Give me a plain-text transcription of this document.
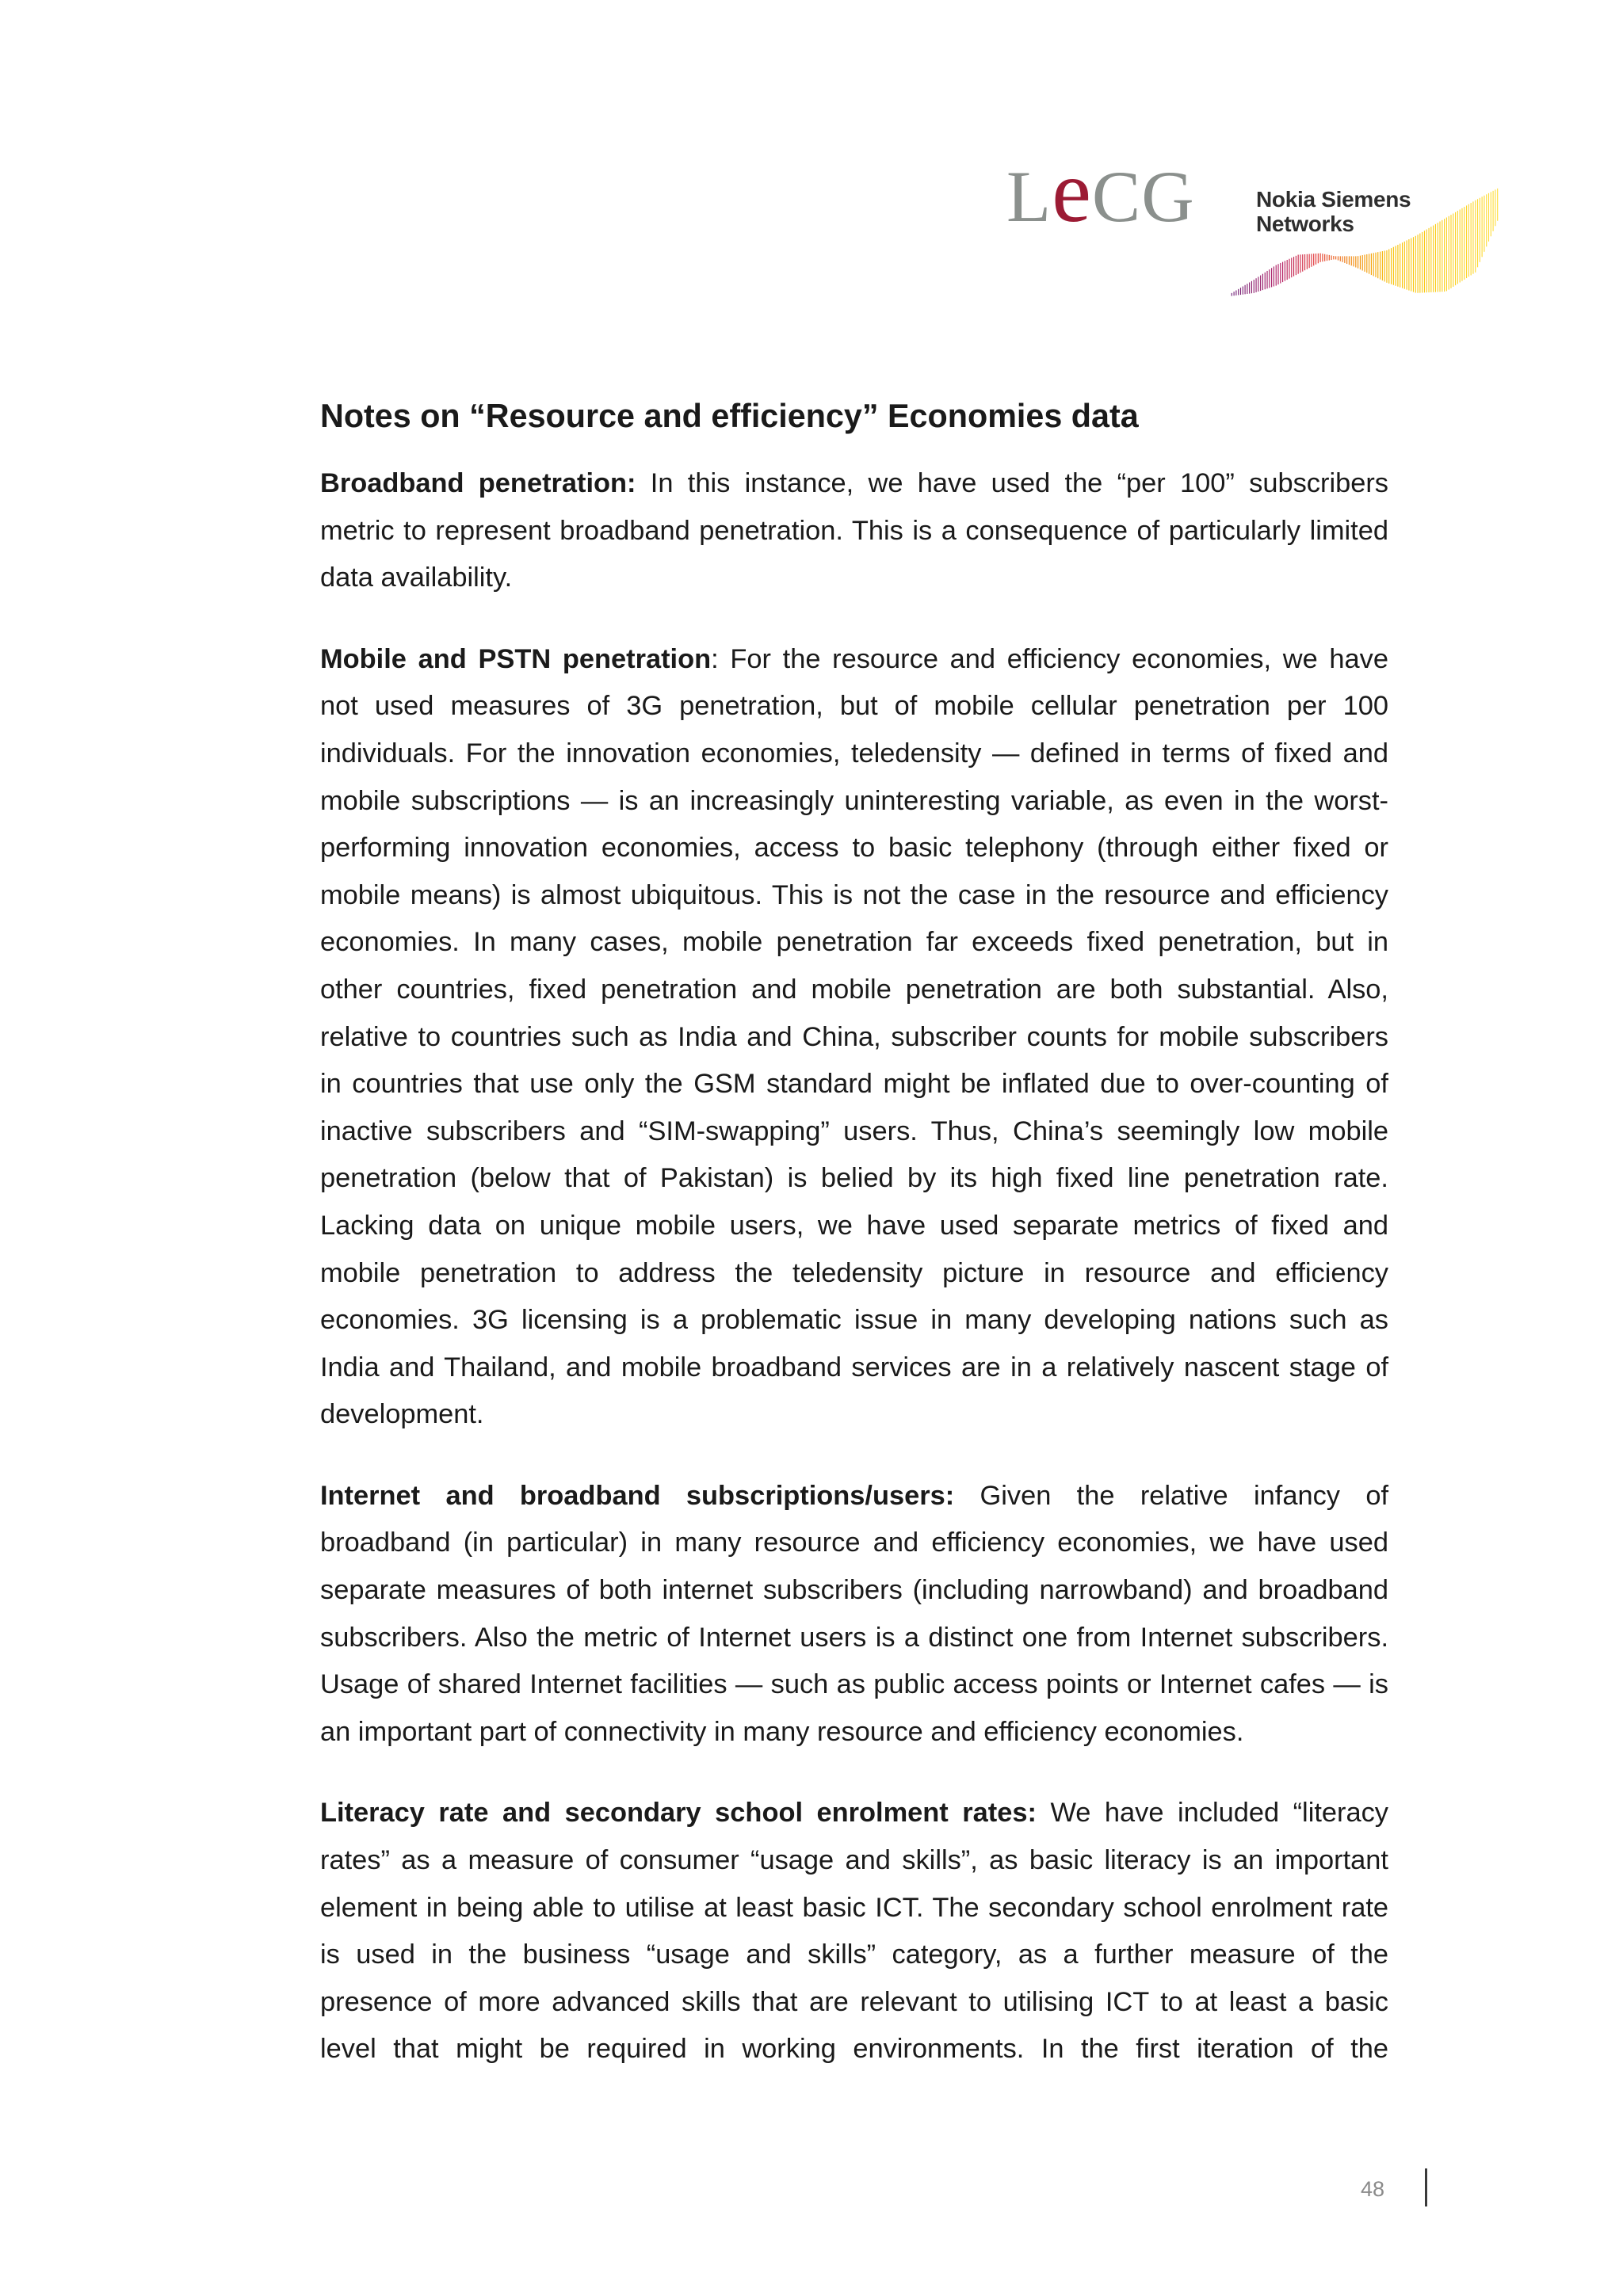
LeCG	Nokia Siemens
Networks
Notes on “Resource and efficiency” Economies data
Broadband penetration: In this instance, we have used the “per 100” subscribers
metric to represent broadband penetration. This is a consequence of particularly limited
data availability.
Mobile and PSTN penetration: For the resource and efficiency economies, we have
not used measures of 3G penetration, but of mobile cellular penetration per 100
individuals. For the innovation economies, teledensity — defined in terms of fixed and
mobile subscriptions — is an increasingly uninteresting variable, as even in the worst-
performing innovation economies, access to basic telephony (through either fixed or
mobile means) is almost ubiquitous. This is not the case in the resource and efficiency
economies. In many cases, mobile penetration far exceeds fixed penetration, but in
other countries, fixed penetration and mobile penetration are both substantial. Also,
relative to countries such as India and China, subscriber counts for mobile subscribers
in countries that use only the GSM standard might be inflated due to over-counting of
inactive subscribers and “SIM-swapping” users. Thus, China’s seemingly low mobile
penetration (below that of Pakistan) is belied by its high fixed line penetration rate.
Lacking data on unique mobile users, we have used separate metrics of fixed and
mobile penetration to address the teledensity picture in resource and efficiency
economies. 3G licensing is a problematic issue in many developing nations such as
India and Thailand, and mobile broadband services are in a relatively nascent stage of
development.
Internet and broadband subscriptions/users: Given the relative infancy of
broadband (in particular) in many resource and efficiency economies, we have used
separate measures of both internet subscribers (including narrowband) and broadband
subscribers. Also the metric of Internet users is a distinct one from Internet subscribers.
Usage of shared Internet facilities — such as public access points or Internet cafes — is
an important part of connectivity in many resource and efficiency economies.
Literacy rate and secondary school enrolment rates: We have included “literacy
rates” as a measure of consumer “usage and skills”, as basic literacy is an important
element in being able to utilise at least basic ICT. The secondary school enrolment rate
is used in the business “usage and skills” category, as a further measure of the
presence of more advanced skills that are relevant to utilising ICT to at least a basic
level that might be required in working environments. In the first iteration of the
48
